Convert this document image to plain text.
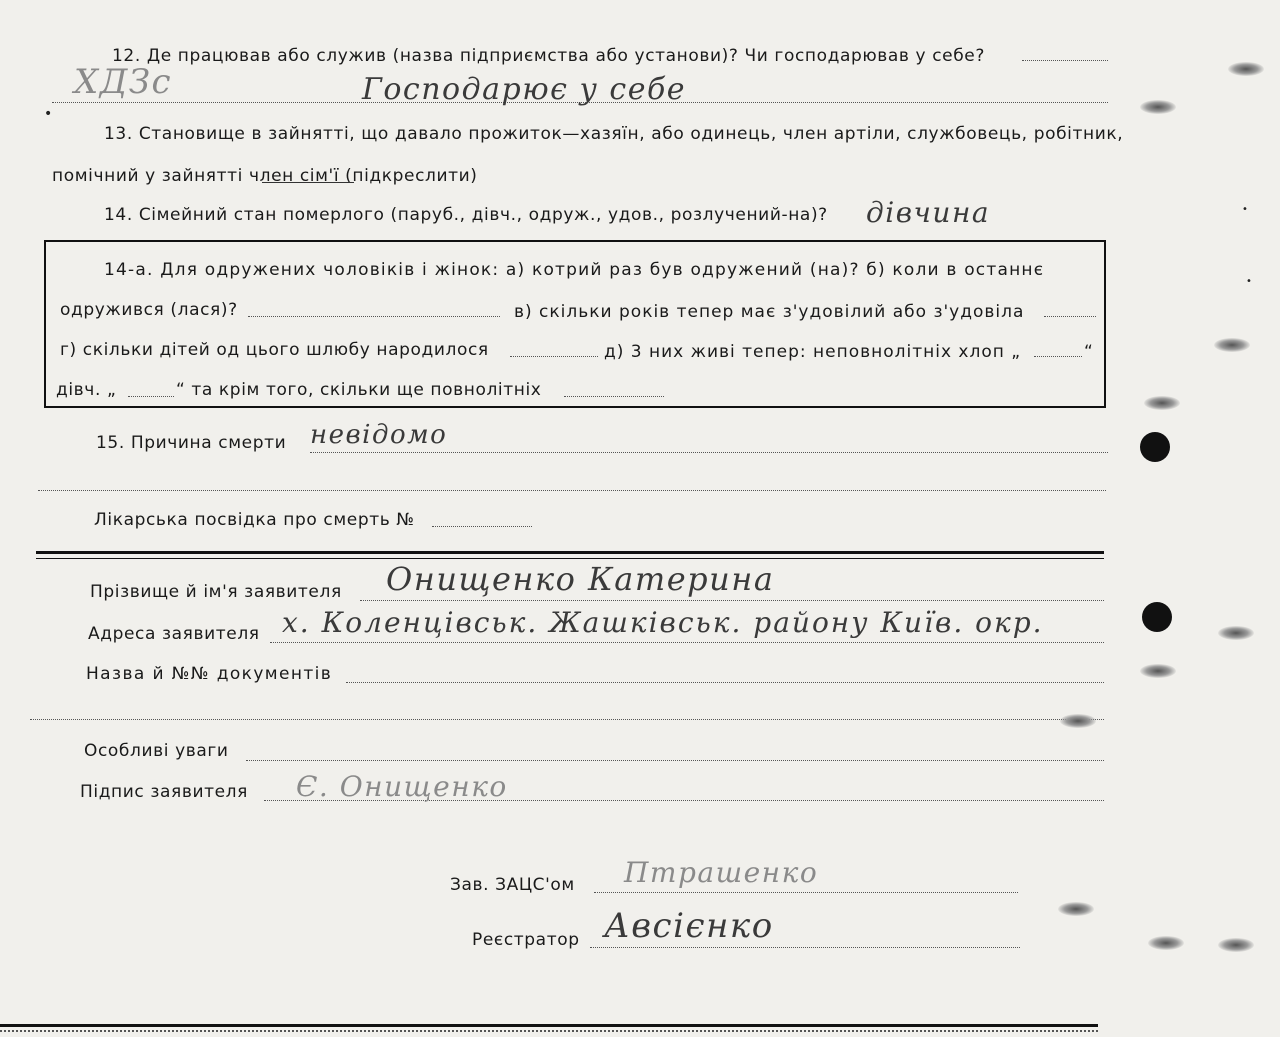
12. Де працював або служив (назва підприємства або установи)? Чи господарював у себе?
ХДЗс	Господарює у себе
13. Становище в зайнятті, що давало прожиток—хазяїн, або одинець, член артіли, службовець, робітник,
помічний у зайнятті член сім'ї (підкреслити)
14. Сімейний стан померлого (паруб., дівч., одруж., удов., розлучений-на)? дівчина
14-а. Для одружених чоловіків і жінок: а) котрий раз був одружений (на)? б) коли в останнє
одружився (лася)?	в) скільки років тепер має з'удовілий або з'удовіла
г) скільки дітей од цього шлюбу народилося	д) 3 них живі тепер: неповнолітніх хлоп „	“
дівч. „	“ та крім того, скільки ще повнолітніх
15. Причина смерти невідомо
Лікарська посвідка про смерть №
Прізвище й ім'я заявителя Онищенко Катерина
Адреса заявителя х. Коленцівськ. Жашківськ. району Київ. окр.
Назва й №№ документів
Особливі уваги
Підпис заявителя Є. Онищенко
Зав. ЗАЦС'ом Птрашенко
Реєстратор Авсієнко
•
•
•
